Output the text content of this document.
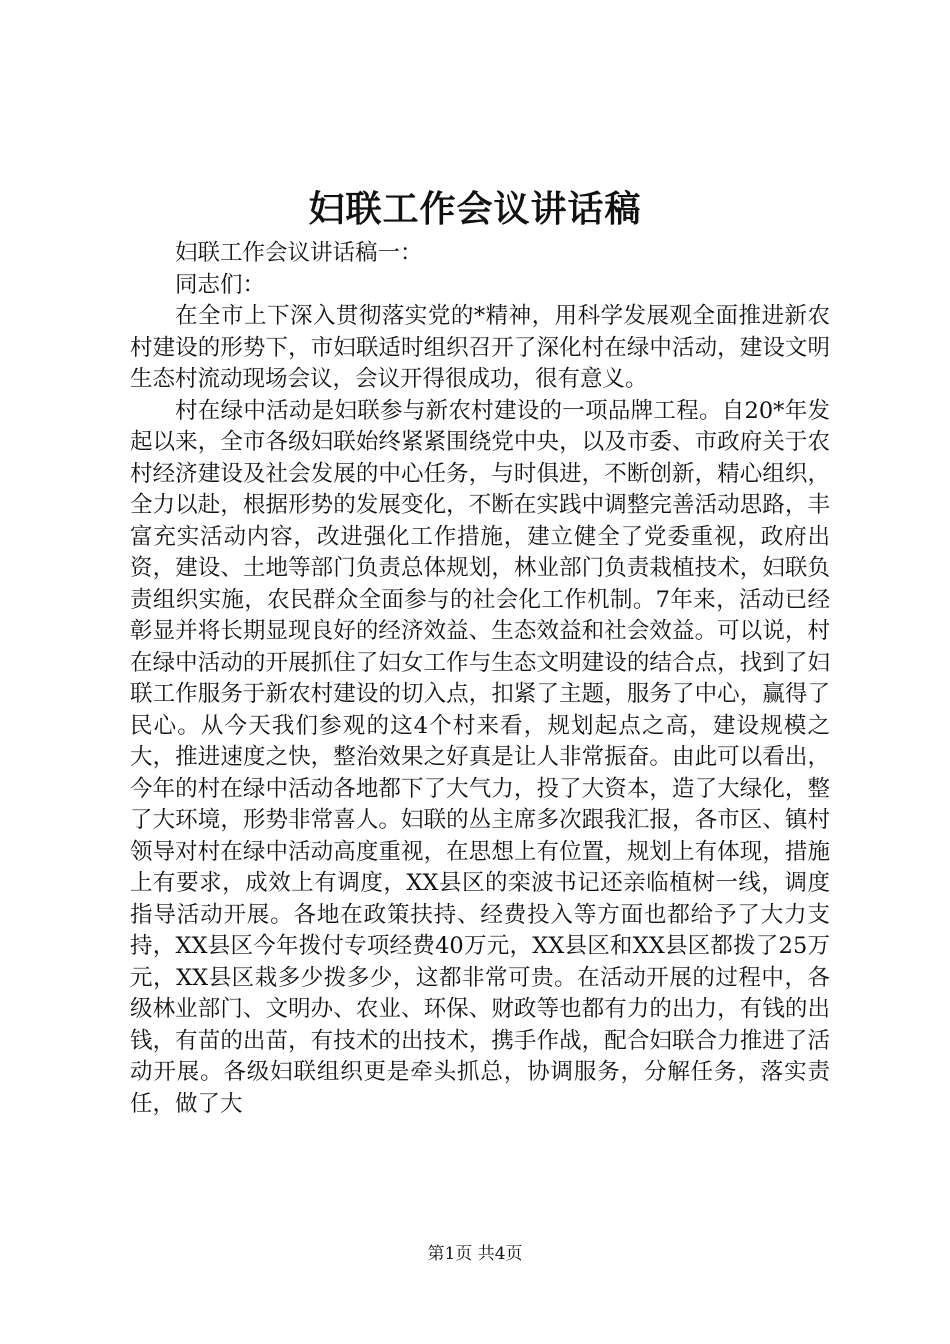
妇联工作会议讲话稿

妇联工作会议讲话稿一：

同志们：

在全市上下深入贯彻落实党的*精神，用科学发展观全面推进新农村建设的形势下，市妇联适时组织召开了深化村在绿中活动，建设文明生态村流动现场会议，会议开得很成功，很有意义。

村在绿中活动是妇联参与新农村建设的一项品牌工程。自20*年发起以来，全市各级妇联始终紧紧围绕党中央，以及市委、市政府关于农村经济建设及社会发展的中心任务，与时俱进，不断创新，精心组织，全力以赴，根据形势的发展变化，不断在实践中调整完善活动思路，丰富充实活动内容，改进强化工作措施，建立健全了党委重视，政府出资，建设、土地等部门负责总体规划，林业部门负责栽植技术，妇联负责组织实施，农民群众全面参与的社会化工作机制。7年来，活动已经彰显并将长期显现良好的经济效益、生态效益和社会效益。可以说，村在绿中活动的开展抓住了妇女工作与生态文明建设的结合点，找到了妇联工作服务于新农村建设的切入点，扣紧了主题，服务了中心，赢得了民心。从今天我们参观的这4个村来看，规划起点之高，建设规模之大，推进速度之快，整治效果之好真是让人非常振奋。由此可以看出，今年的村在绿中活动各地都下了大气力，投了大资本，造了大绿化，整了大环境，形势非常喜人。妇联的丛主席多次跟我汇报，各市区、镇村领导对村在绿中活动高度重视，在思想上有位置，规划上有体现，措施上有要求，成效上有调度，XX县区的栾波书记还亲临植树一线，调度指导活动开展。各地在政策扶持、经费投入等方面也都给予了大力支持，XX县区今年拨付专项经费40万元，XX县区和XX县区都拨了25万元，XX县区栽多少拨多少，这都非常可贵。在活动开展的过程中，各级林业部门、文明办、农业、环保、财政等也都有力的出力，有钱的出钱，有苗的出苗，有技术的出技术，携手作战，配合妇联合力推进了活动开展。各级妇联组织更是牵头抓总，协调服务，分解任务，落实责任，做了大

第1页 共4页
